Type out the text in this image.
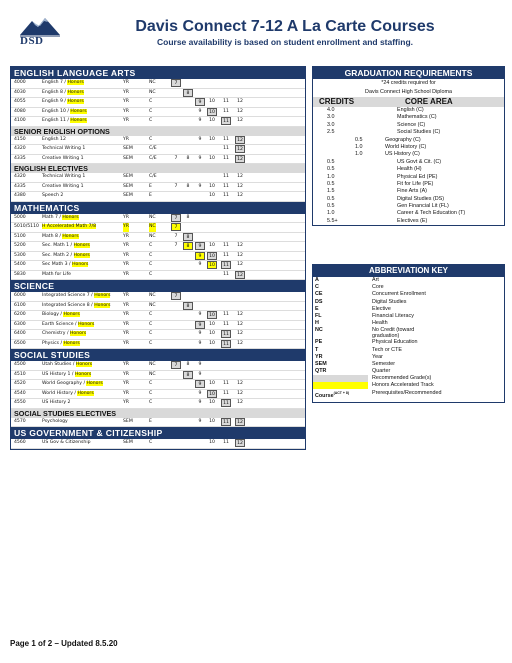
DSD
Davis Connect 7-12 A La Carte Courses
Course availability is based on student enrollment and staffing.
ENGLISH LANGUAGE ARTS
4000	English 7 / Honors	YR	NC	7
4030	English 8 / Honors	YR	NC	8
4055	English 9 / Honors	YR	C	9	10	11	12
4080	English 10 / Honors	YR	C	9	10	11	12
4100	English 11 / Honors	YR	C	9	10	11	12
SENIOR ENGLISH OPTIONS
4150	English 12	YR	C	9	10	11	12
4320	Technical Writing 1	SEM	C/E	11	12
4335	Creative Writing 1	SEM	C/E	7	8	9	10	11	12
ENGLISH ELECTIVES
4320	Technical Writing 1	SEM	C/E	11	12
4335	Creative Writing 1	SEM	E	7	8	9	10	11	12
4380	Speech 2	SEM	E	10	11	12
MATHEMATICS
5000	Math 7 / Honors	YR	NC	7	8
5010/5110 H Accelerated Math 7/8	YR	NC	7
5100	Math 8 / Honors	YR	NC	7	8
5200	Sec. Math 1 / Honors	YR	C	7	8	9	10	11	12
5300	Sec. Math 2 / Honors	YR	C	9	10	11	12
5400	Sec Math 3 / Honors	YR	C	9	10	11	12
5830	Math for Life	YR	C	11	12
SCIENCE
6000	Integrated Science 7 / Honors	YR	NC	7
6100	Integrated Science 8 / Honors	YR	NC	8
6200	Biology / Honors	YR	C	9	10	11	12
6300	Earth Science / Honors	YR	C	9	10	11	12
6400	Chemistry / Honors	YR	C	9	10	11	12
6500	Physics / Honors	YR	C	9	10	11	12
SOCIAL STUDIES
4500	Utah Studies / Honors	YR	NC	7	8	9
4510	US History 1 / Honors	YR	NC	8	9
4520	World Geography / Honors	YR	C	9	10	11	12
4540	World History / Honors	YR	C	9	10	11	12
4550	US History 2	YR	C	9	10	11	12
SOCIAL STUDIES ELECTIVES
4570	Psychology	SEM	E	9	10	11	12
US GOVERNMENT & CITIZENSHIP
4560	US Gov & Citizenship	SEM	C	10	11	12
GRADUATION REQUIREMENTS
*24 credits required for
Davis Connect High School Diploma
CREDITS	CORE AREA
4.0	English (C)
3.0	Mathematics (C)
3.0	Science (C)
2.5	Social Studies (C)
0.5	Geography (C)
1.0	World History (C)
1.0	US History (C)
0.5	US Govt & Cit. (C)
0.5	Health (H)
1.0	Physical Ed (PE)
0.5	Fit for Life (PE)
1.5	Fine Arts (A)
0.5	Digital Studies (DS)
0.5	Gen Financial Lit (FL)
1.0	Career & Tech Education (T)
5.5+	Electives (E)
ABBREVIATION KEY
A	Art
C	Core
CE	Concurrent Enrollment
DS	Digital Studies
E	Elective
FL	Financial Literacy
H	Health
NC	No Credit (toward graduation)
PE	Physical Education
T	Tech or CTE
YR	Year
SEM	Semester
QTR	Quarter
Recommended Grade(s)
Honors Accelerated Track
Course$^{(ACT + 8)}$	Prerequisites/Recommended
Page 1 of 2 – Updated 8.5.20
